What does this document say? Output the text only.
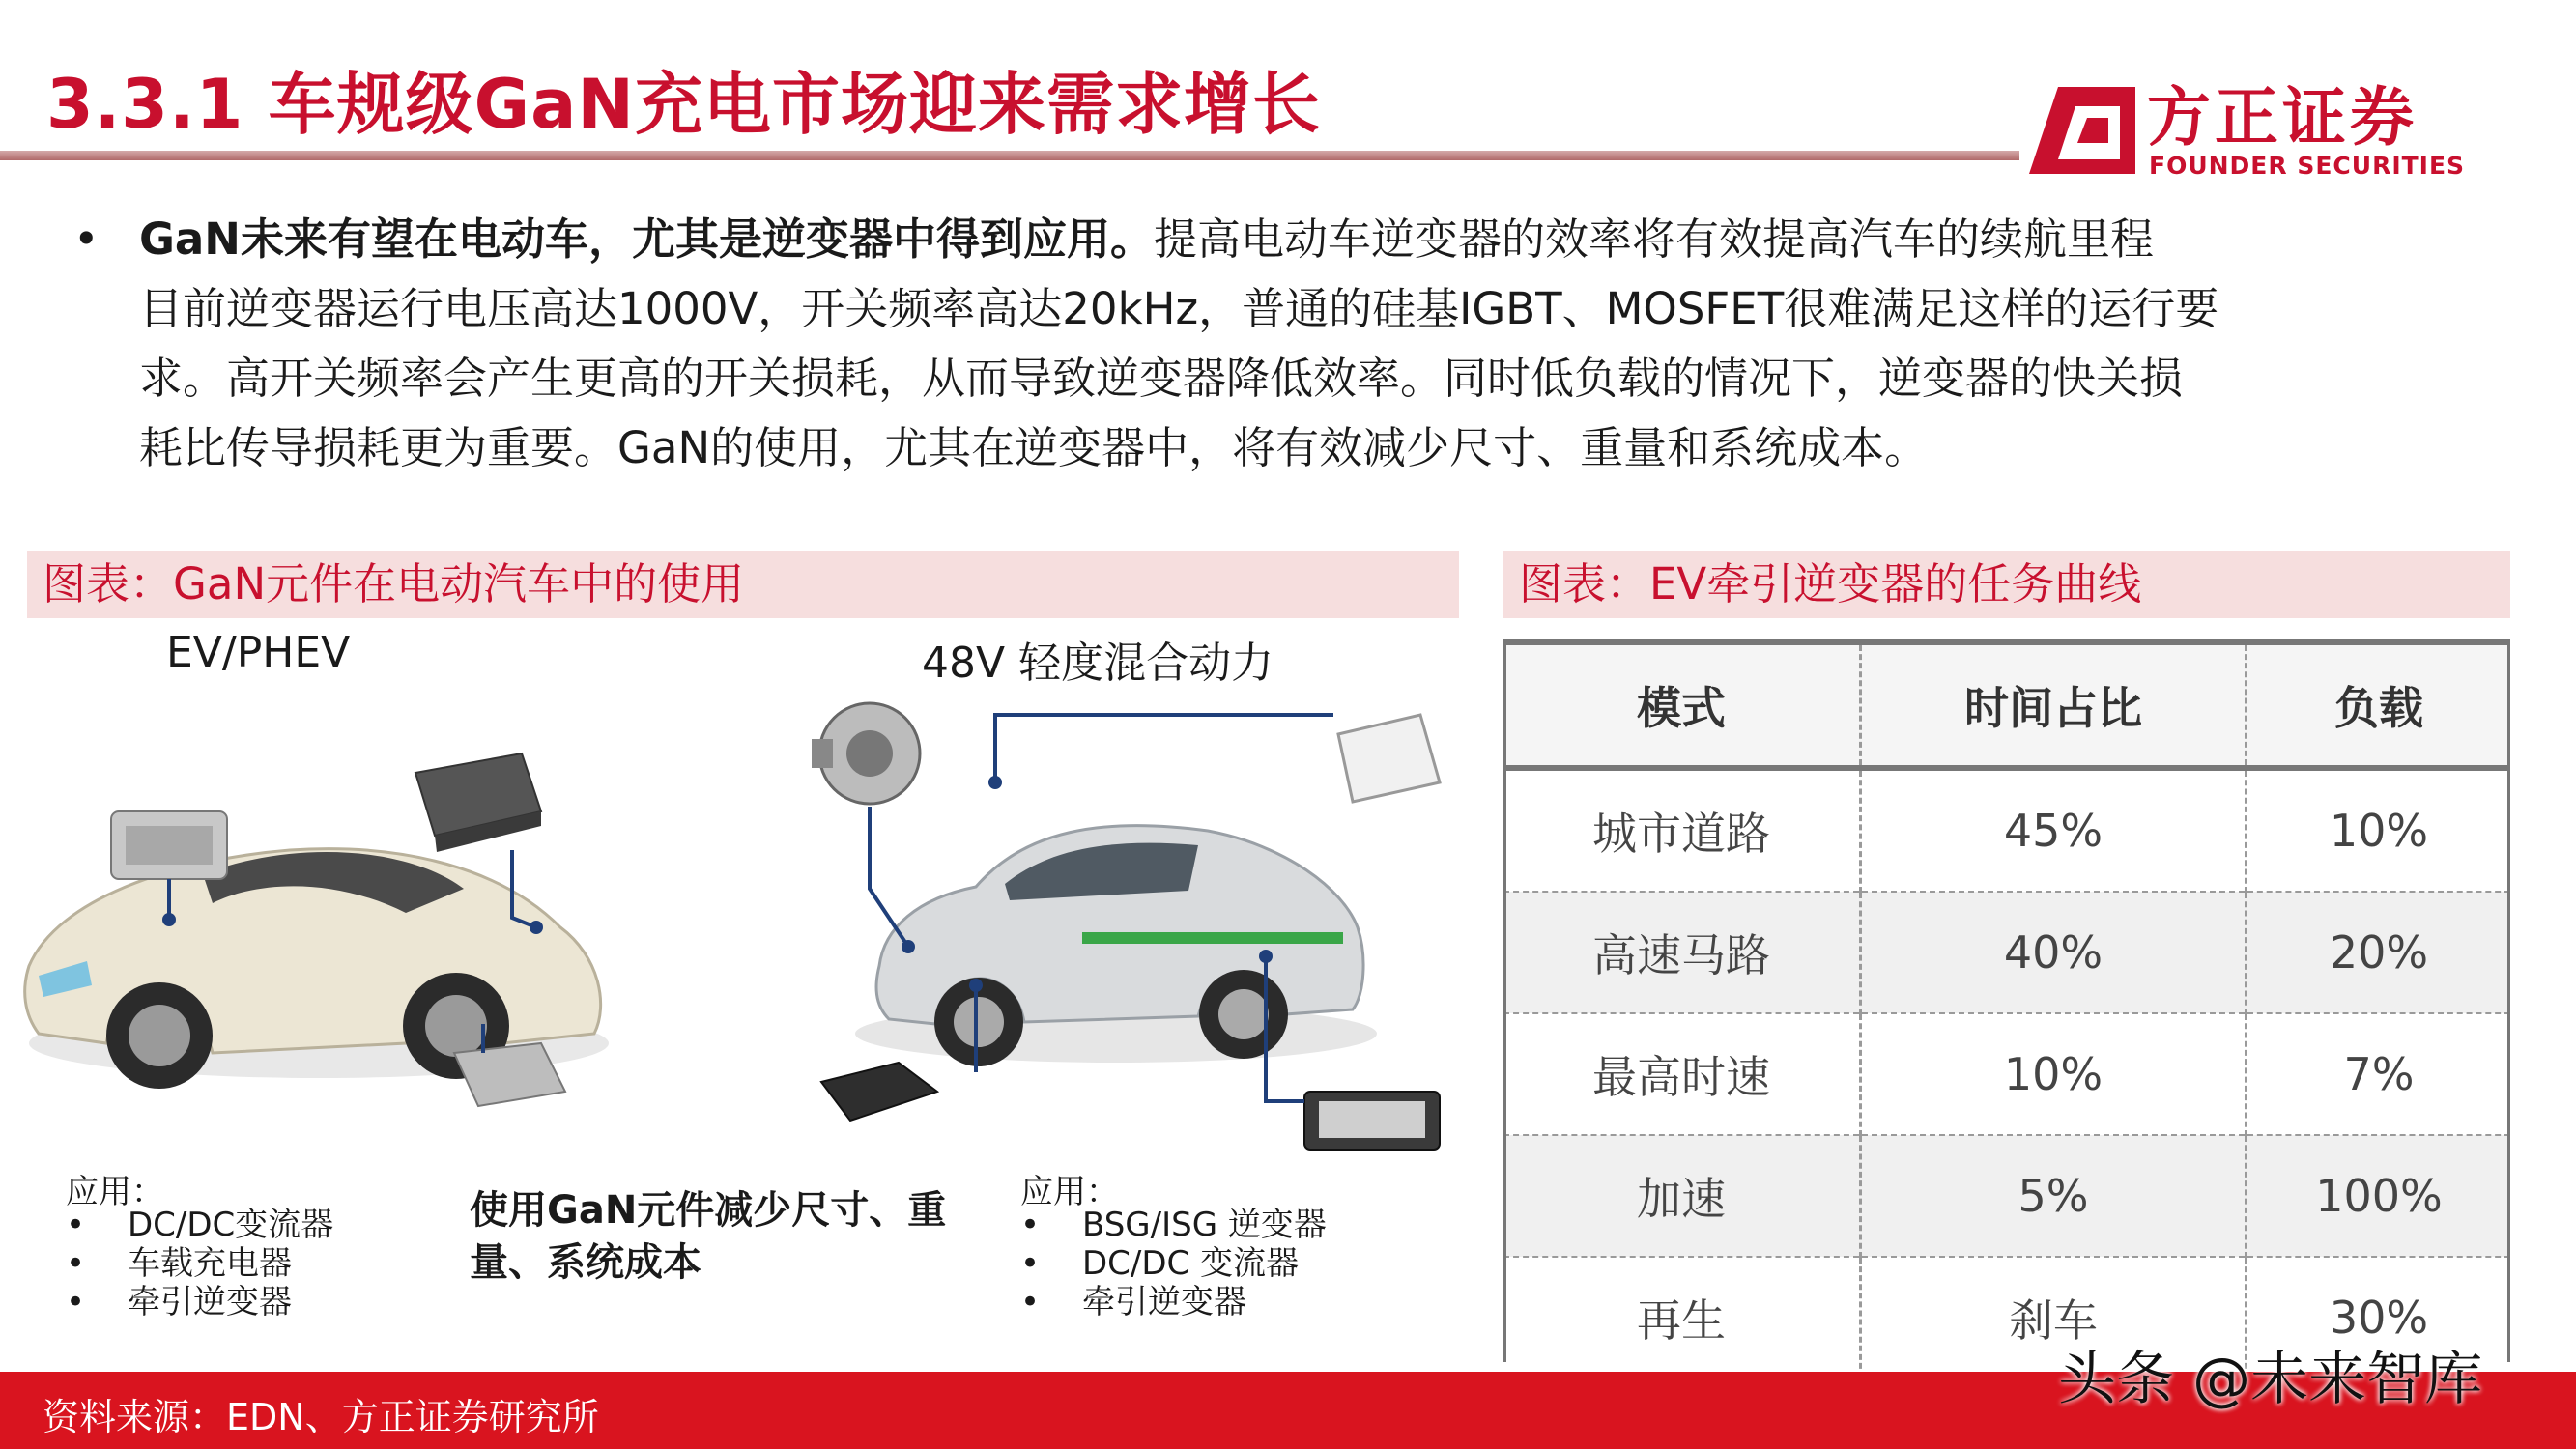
3.3.1 车规级GaN充电市场迎来需求增长	方正证券
FOUNDER SECURITIES
• GaN未来有望在电动车，尤其是逆变器中得到应用。提高电动车逆变器的效率将有效提高汽车的续航里程
目前逆变器运行电压高达1000V，开关频率高达20kHz，普通的硅基IGBT、MOSFET很难满足这样的运行要
求。高开关频率会产生更高的开关损耗，从而导致逆变器降低效率。同时低负载的情况下，逆变器的快关损
耗比传导损耗更为重要。GaN的使用，尤其在逆变器中，将有效减少尺寸、重量和系统成本。
图表：GaN元件在电动汽车中的使用	图表：EV牵引逆变器的任务曲线
EV/PHEV	48V 轻度混合动力
应用：
• DC/DC变流器
• 车载充电器
• 牵引逆变器
使用GaN元件减少尺寸、重量、系统成本
应用：
• BSG/ISG 逆变器
• DC/DC 变流器
• 牵引逆变器
模式	时间占比	负载
城市道路	45%	10%
高速马路	40%	20%
最高时速	10%	7%
加速	5%	100%
再生	刹车	30%
资料来源：EDN、方正证券研究所
头条 @未来智库
